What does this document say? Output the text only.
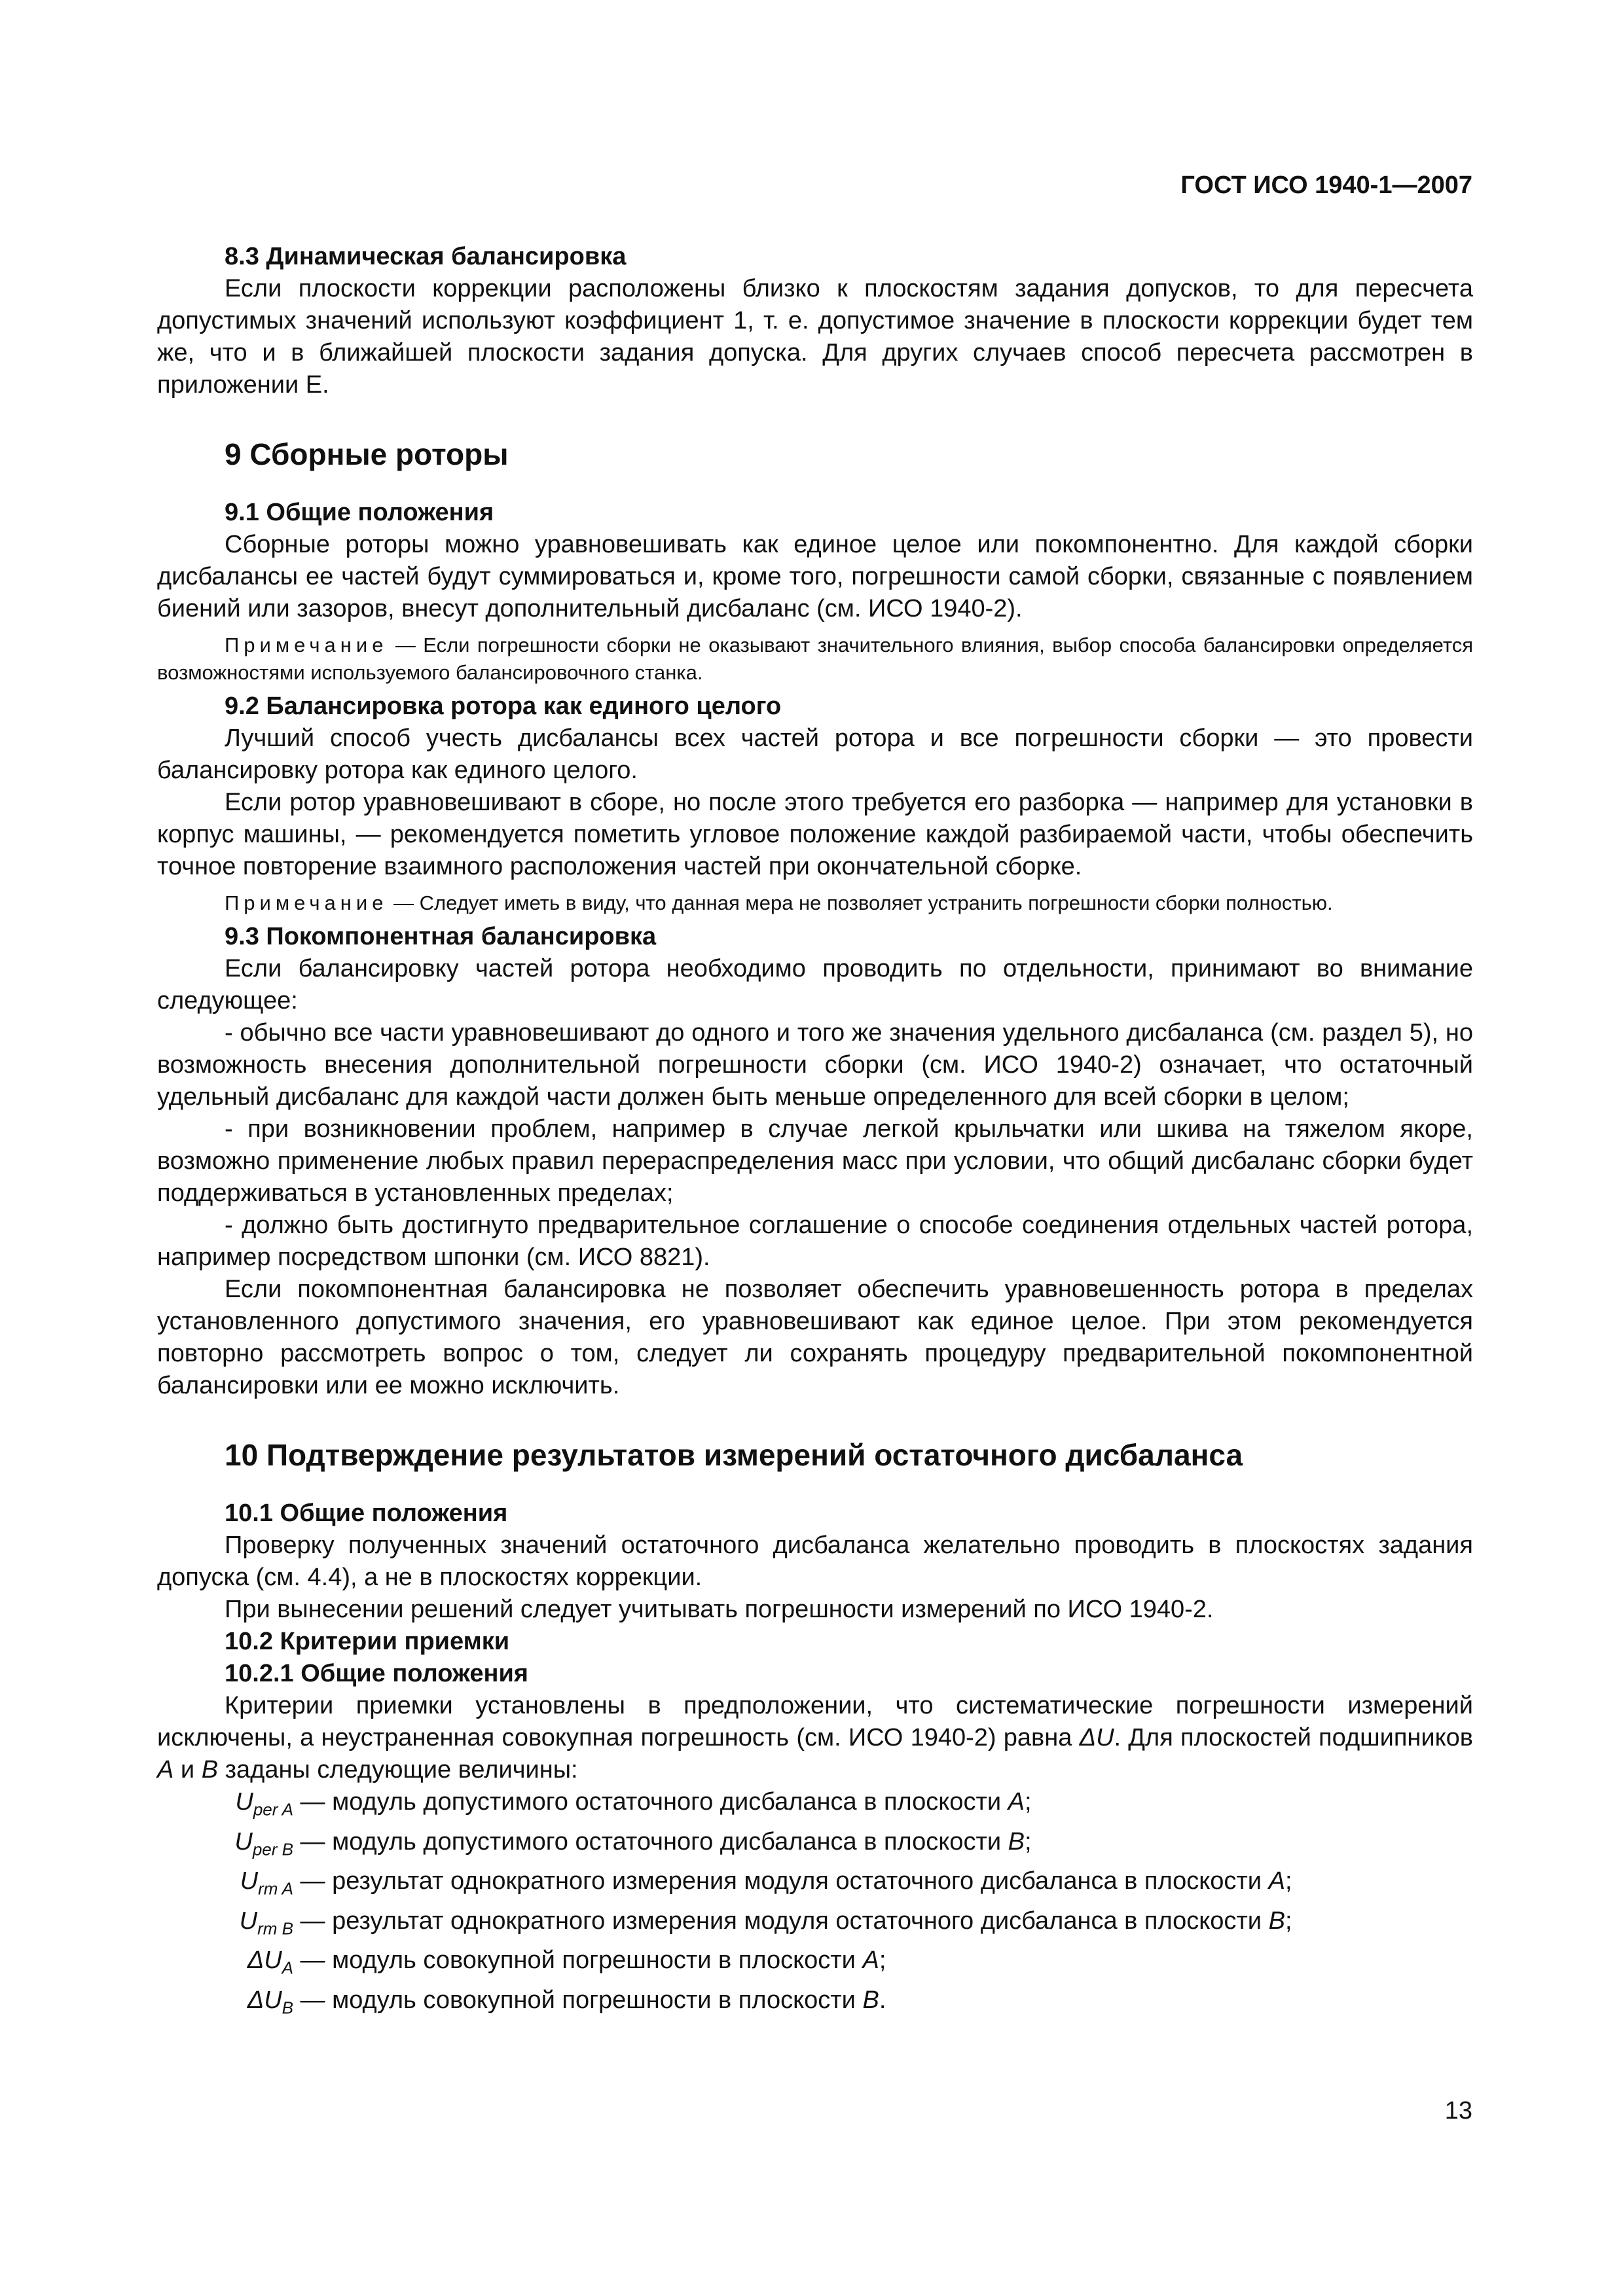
ГОСТ ИСО 1940-1—2007
8.3 Динамическая балансировка

Если плоскости коррекции расположены близко к плоскостям задания допусков, то для пересчета допустимых значений используют коэффициент 1, т. е. допустимое значение в плоскости коррекции будет тем же, что и в ближайшей плоскости задания допуска. Для других случаев способ пересчета рассмотрен в приложении Е.

9 Сборные роторы
9.1 Общие положения

Сборные роторы можно уравновешивать как единое целое или покомпонентно. Для каждой сборки дисбалансы ее частей будут суммироваться и, кроме того, погрешности самой сборки, связанные с появлением биений или зазоров, внесут дополнительный дисбаланс (см. ИСО 1940-2).

Примечание — Если погрешности сборки не оказывают значительного влияния, выбор способа балансировки определяется возможностями используемого балансировочного станка.

9.2 Балансировка ротора как единого целого

Лучший способ учесть дисбалансы всех частей ротора и все погрешности сборки — это провести балансировку ротора как единого целого.

Если ротор уравновешивают в сборе, но после этого требуется его разборка — например для установки в корпус машины, — рекомендуется пометить угловое положение каждой разбираемой части, чтобы обеспечить точное повторение взаимного расположения частей при окончательной сборке.

Примечание — Следует иметь в виду, что данная мера не позволяет устранить погрешности сборки полностью.

9.3 Покомпонентная балансировка

Если балансировку частей ротора необходимо проводить по отдельности, принимают во внимание следующее:

- обычно все части уравновешивают до одного и того же значения удельного дисбаланса (см. раздел 5), но возможность внесения дополнительной погрешности сборки (см. ИСО 1940-2) означает, что остаточный удельный дисбаланс для каждой части должен быть меньше определенного для всей сборки в целом;

- при возникновении проблем, например в случае легкой крыльчатки или шкива на тяжелом якоре, возможно применение любых правил перераспределения масс при условии, что общий дисбаланс сборки будет поддерживаться в установленных пределах;

- должно быть достигнуто предварительное соглашение о способе соединения отдельных частей ротора, например посредством шпонки (см. ИСО 8821).

Если покомпонентная балансировка не позволяет обеспечить уравновешенность ротора в пределах установленного допустимого значения, его уравновешивают как единое целое. При этом рекомендуется повторно рассмотреть вопрос о том, следует ли сохранять процедуру предварительной покомпонентной балансировки или ее можно исключить.

10 Подтверждение результатов измерений остаточного дисбаланса
10.1 Общие положения

Проверку полученных значений остаточного дисбаланса желательно проводить в плоскостях задания допуска (см. 4.4), а не в плоскостях коррекции.

При вынесении решений следует учитывать погрешности измерений по ИСО 1940-2.

10.2 Критерии приемки
10.2.1 Общие положения

Критерии приемки установлены в предположении, что систематические погрешности измерений исключены, а неустраненная совокупная погрешность (см. ИСО 1940-2) равна ΔU. Для плоскостей подшипников A и B заданы следующие величины:

$U_{per A}$ — модуль допустимого остаточного дисбаланса в плоскости A;
$U_{per B}$ — модуль допустимого остаточного дисбаланса в плоскости B;
$U_{rm A}$ — результат однократного измерения модуля остаточного дисбаланса в плоскости A;
$U_{rm B}$ — результат однократного измерения модуля остаточного дисбаланса в плоскости B;
$\Delta U_A$ — модуль совокупной погрешности в плоскости A;
$\Delta U_B$ — модуль совокупной погрешности в плоскости B.
13
